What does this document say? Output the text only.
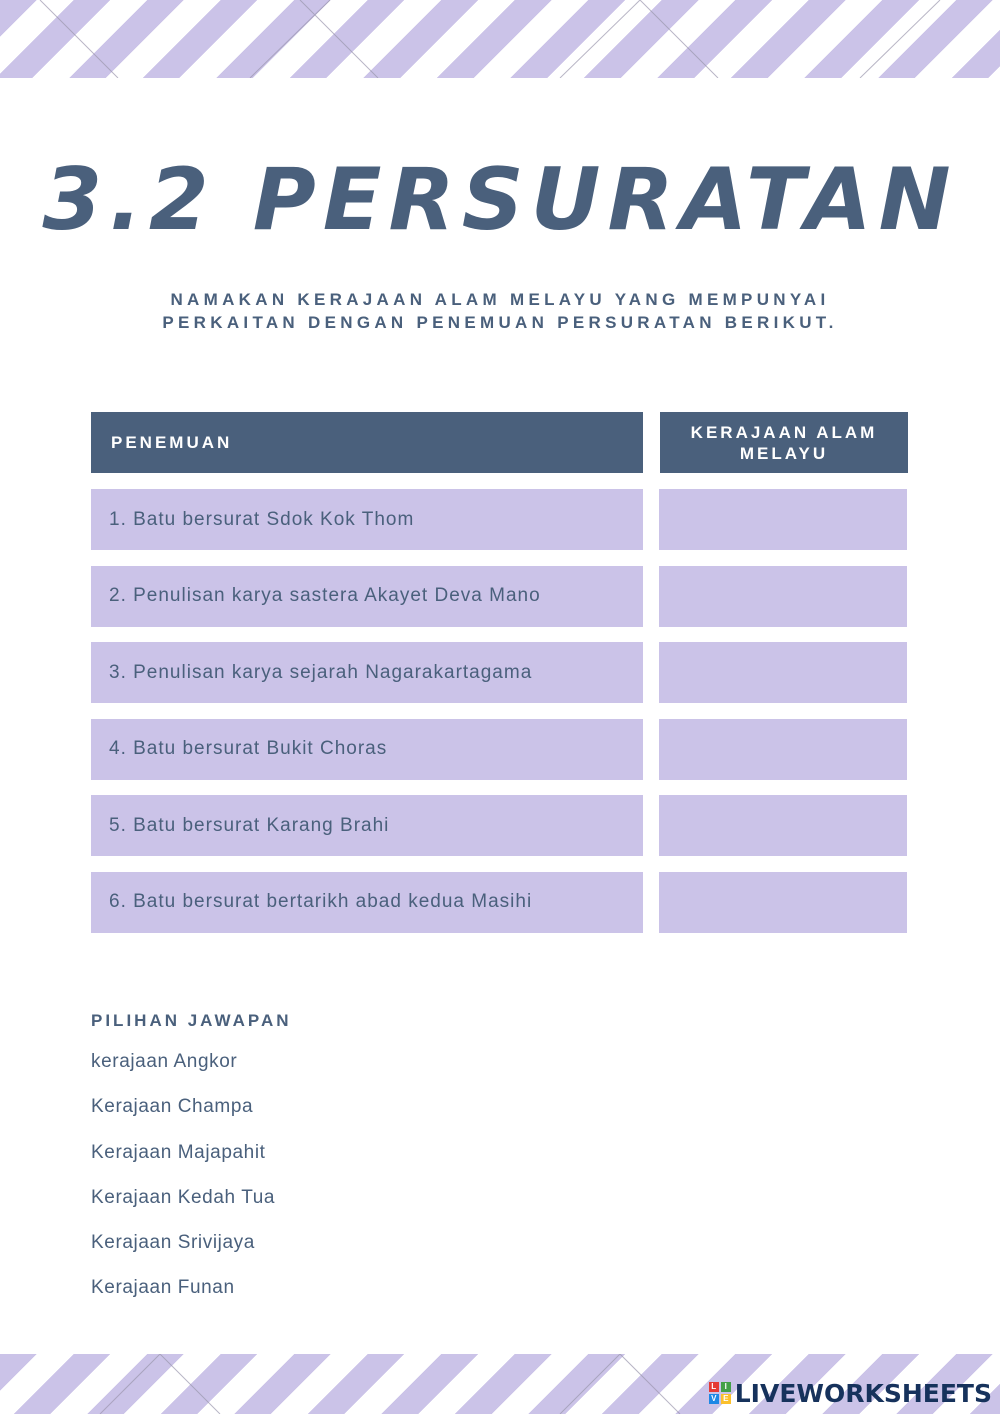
3.2 PERSURATAN
NAMAKAN KERAJAAN ALAM MELAYU YANG MEMPUNYAI
PERKAITAN DENGAN PENEMUAN PERSURATAN BERIKUT.
PENEMUAN
KERAJAAN ALAM
MELAYU
1. Batu bersurat Sdok Kok Thom
2. Penulisan karya sastera Akayet Deva Mano
3. Penulisan karya sejarah Nagarakartagama
4. Batu bersurat Bukit Choras
5. Batu bersurat Karang Brahi
6. Batu bersurat bertarikh abad kedua Masihi
PILIHAN JAWAPAN
kerajaan Angkor
Kerajaan Champa
Kerajaan Majapahit
Kerajaan Kedah Tua
Kerajaan Srivijaya
Kerajaan Funan
L	I
V E LIVEWORKSHEETS
